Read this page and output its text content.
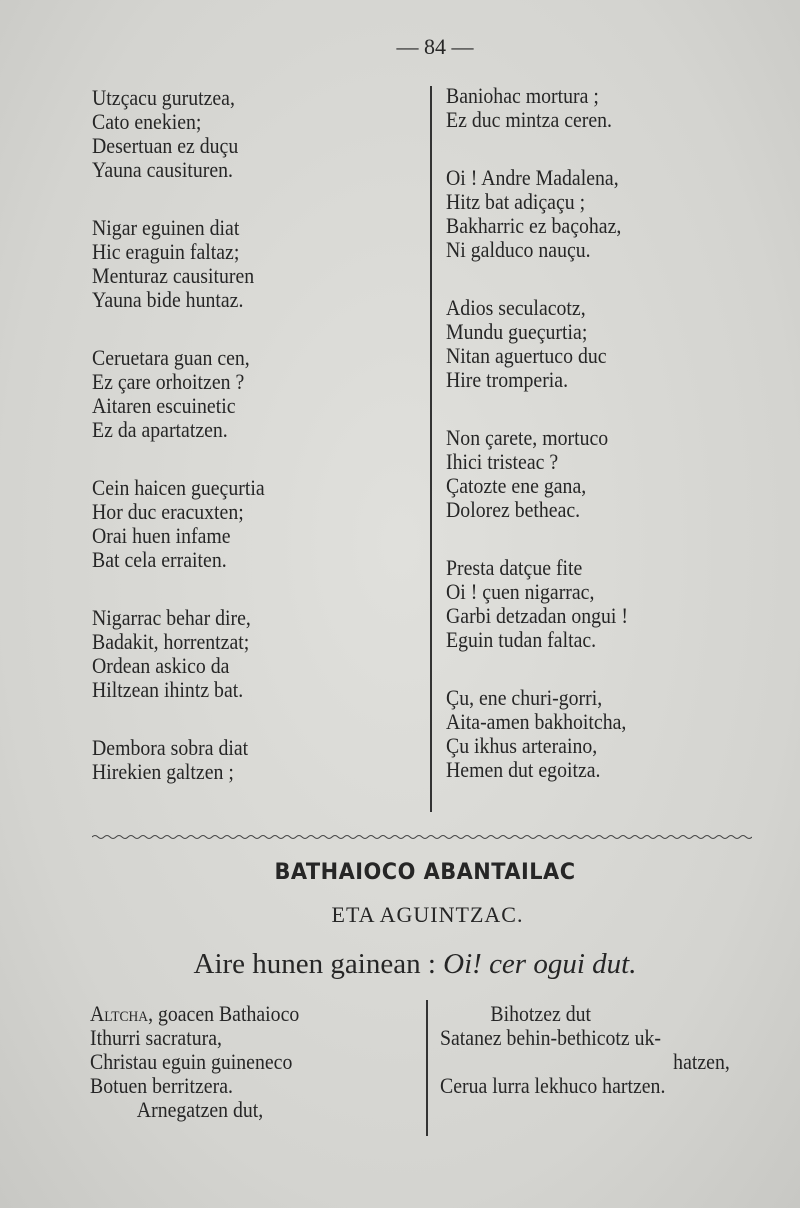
— 84 —
Utzçacu gurutzea,
Cato enekien;
Desertuan ez duçu
Yauna causituren.
Nigar eguinen diat
Hic eraguin faltaz;
Menturaz causituren
Yauna bide huntaz.
Ceruetara guan cen,
Ez çare orhoitzen ?
Aitaren escuinetic
Ez da apartatzen.
Cein haicen gueçurtia
Hor duc eracuxten;
Orai huen infame
Bat cela erraiten.
Nigarrac behar dire,
Badakit, horrentzat;
Ordean askico da
Hiltzean ihintz bat.
Dembora sobra diat
Hirekien galtzen ;
Baniohac mortura ;
Ez duc mintza ceren.
Oi ! Andre Madalena,
Hitz bat adiçaçu ;
Bakharric ez baçohaz,
Ni galduco nauçu.
Adios seculacotz,
Mundu gueçurtia;
Nitan aguertuco duc
Hire tromperia.
Non çarete, mortuco
Ihici tristeac ?
Çatozte ene gana,
Dolorez betheac.
Presta datçue fite
Oi ! çuen nigarrac,
Garbi detzadan ongui !
Eguin tudan faltac.
Çu, ene churi-gorri,
Aita-amen bakhoitcha,
Çu ikhus arteraino,
Hemen dut egoitza.
BATHAIOCO ABANTAILAC
ETA AGUINTZAC.
Aire hunen gainean : Oi! cer ogui dut.
Altcha, goacen Bathaioco
Ithurri sacratura,
Christau eguin guineneco
Botuen berritzera.
Arnegatzen dut,
Bihotzez dut
Satanez behin-bethicotz uk-
hatzen,
Cerua lurra lekhuco hartzen.
